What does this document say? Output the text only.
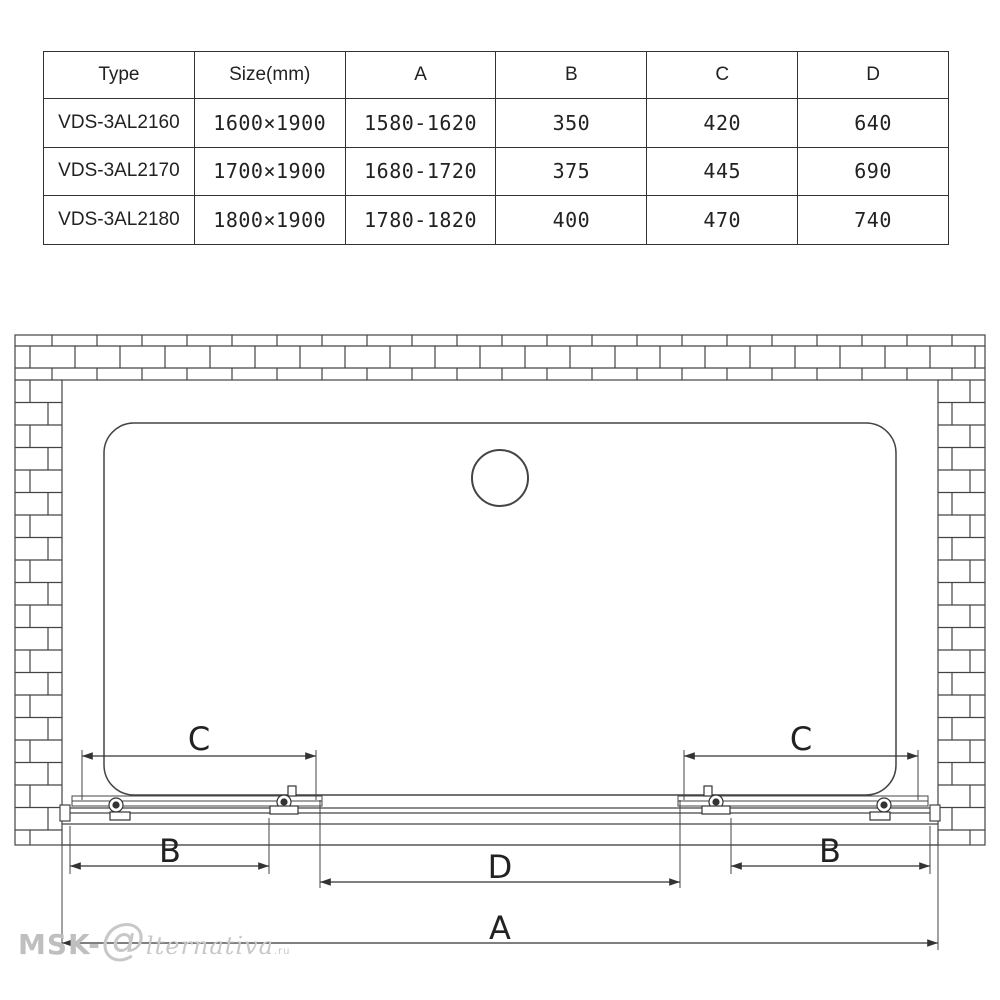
Type	Size(mm)	A	B	C	D
VDS-3AL2160	1600×1900	1580-1620	350	420	640
VDS-3AL2170	1700×1900	1680-1720	375	445	690
VDS-3AL2180	1800×1900	1780-1820	400	470	740
C	C
B	B
D
A
MSK-@lternativa.ru
